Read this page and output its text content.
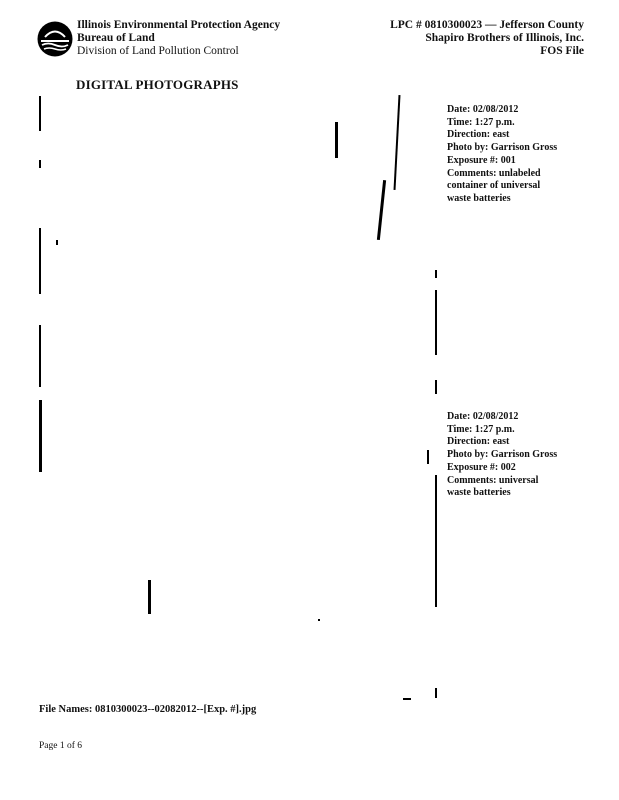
Illinois Environmental Protection Agency
Bureau of Land
Division of Land Pollution Control
LPC # 0810300023 — Jefferson County
Shapiro Brothers of Illinois, Inc.
FOS File
DIGITAL PHOTOGRAPHS
Date: 02/08/2012
Time: 1:27 p.m.
Direction: east
Photo by: Garrison Gross
Exposure #: 001
Comments: unlabeled
container of universal
waste batteries
Date: 02/08/2012
Time: 1:27 p.m.
Direction: east
Photo by: Garrison Gross
Exposure #: 002
Comments: universal
waste batteries
File Names: 0810300023--02082012--[Exp. #].jpg
Page 1 of 6
